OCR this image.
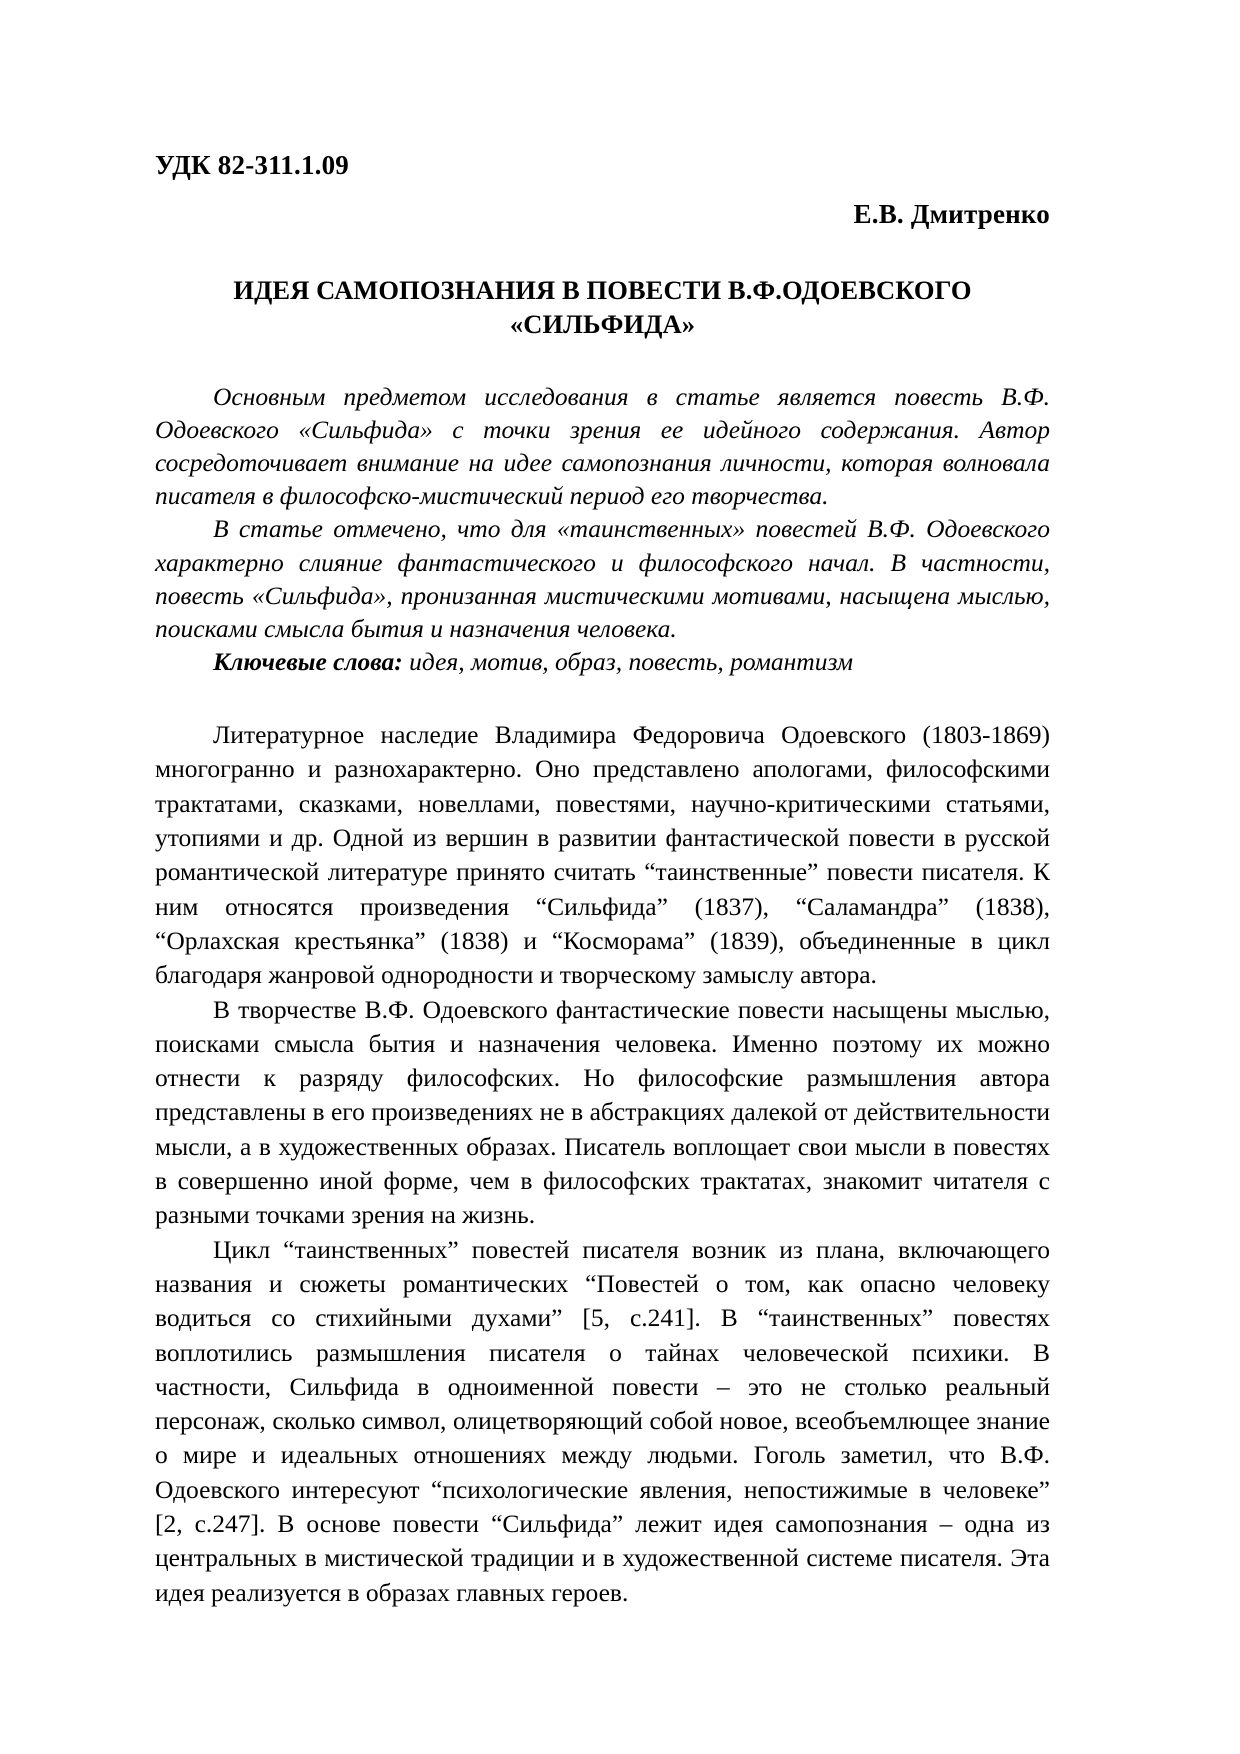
УДК 82-311.1.09
Е.В. Дмитренко
ИДЕЯ САМОПОЗНАНИЯ В ПОВЕСТИ В.Ф.ОДОЕВСКОГО
«СИЛЬФИДА»

Основным предметом исследования в статье является повесть В.Ф. Одоевского «Сильфида» с точки зрения ее идейного содержания. Автор сосредоточивает внимание на идее самопознания личности, которая волновала писателя в философско-мистический период его творчества.

В статье отмечено, что для «таинственных» повестей В.Ф. Одоевского характерно слияние фантастического и философского начал. В частности, повесть «Сильфида», пронизанная мистическими мотивами, насыщена мыслью, поисками смысла бытия и назначения человека.

Ключевые слова: идея, мотив, образ, повесть, романтизм

Литературное наследие Владимира Федоровича Одоевского (1803-1869) многогранно и разнохарактерно. Оно представлено апологами, философскими трактатами, сказками, новеллами, повестями, научно-критическими статьями, утопиями и др. Одной из вершин в развитии фантастической повести в русской романтической литературе принято считать “таинственные” повести писателя. К ним относятся произведения “Сильфида” (1837), “Саламандра” (1838), “Орлахская крестьянка” (1838) и “Косморама” (1839), объединенные в цикл благодаря жанровой однородности и творческому замыслу автора.

В творчестве В.Ф. Одоевского фантастические повести насыщены мыслью, поисками смысла бытия и назначения человека. Именно поэтому их можно отнести к разряду философских. Но философские размышления автора представлены в его произведениях не в абстракциях далекой от действительности мысли, а в художественных образах. Писатель воплощает свои мысли в повестях в совершенно иной форме, чем в философских трактатах, знакомит читателя с разными точками зрения на жизнь.

Цикл “таинственных” повестей писателя возник из плана, включающего названия и сюжеты романтических “Повестей о том, как опасно человеку водиться со стихийными духами” [5, с.241]. В “таинственных” повестях воплотились размышления писателя о тайнах человеческой психики. В частности, Сильфида в одноименной повести – это не столько реальный персонаж, сколько символ, олицетворяющий собой новое, всеобъемлющее знание о мире и идеальных отношениях между людьми. Гоголь заметил, что В.Ф. Одоевского интересуют “психологические явления, непостижимые в человеке” [2, с.247]. В основе повести “Сильфида” лежит идея самопознания – одна из центральных в мистической традиции и в художественной системе писателя. Эта идея реализуется в образах главных героев.
